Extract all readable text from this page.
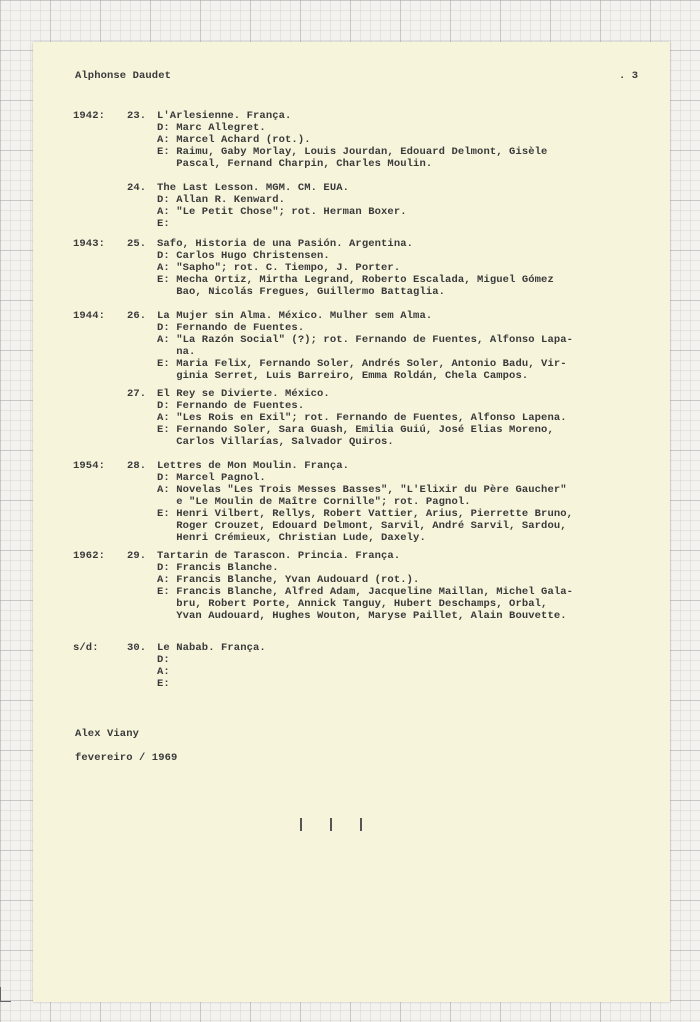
Alphonse Daudet	. 3
1942: 23. L'Arlesienne. França.
D: Marc Allegret.
A: Marcel Achard (rot.).
E: Raimu, Gaby Morlay, Louis Jourdan, Edouard Delmont, Gisèle
Pascal, Fernand Charpin, Charles Moulin.
24. The Last Lesson. MGM. CM. EUA.
D: Allan R. Kenward.
A: "Le Petit Chose"; rot. Herman Boxer.
E:
1943: 25. Safo, Historia de una Pasión. Argentina.
D: Carlos Hugo Christensen.
A: "Sapho"; rot. C. Tiempo, J. Porter.
E: Mecha Ortiz, Mirtha Legrand, Roberto Escalada, Miguel Gómez
Bao, Nicolás Fregues, Guillermo Battaglia.
1944: 26. La Mujer sin Alma. México. Mulher sem Alma.
D: Fernando de Fuentes.
A: "La Razón Social" (?); rot. Fernando de Fuentes, Alfonso Lapa-
na.
E: Maria Felix, Fernando Soler, Andrés Soler, Antonio Badu, Vir-
ginia Serret, Luis Barreiro, Emma Roldán, Chela Campos.
27. El Rey se Divierte. México.
D: Fernando de Fuentes.
A: "Les Rois en Exil"; rot. Fernando de Fuentes, Alfonso Lapena.
E: Fernando Soler, Sara Guash, Emilia Guiú, José Elias Moreno,
Carlos Villarías, Salvador Quiros.
1954: 28. Lettres de Mon Moulin. França.
D: Marcel Pagnol.
A: Novelas "Les Trois Messes Basses", "L'Elixir du Père Gaucher"
e "Le Moulin de Maître Cornille"; rot. Pagnol.
E: Henri Vilbert, Rellys, Robert Vattier, Arius, Pierrette Bruno,
Roger Crouzet, Edouard Delmont, Sarvil, André Sarvil, Sardou,
Henri Crémieux, Christian Lude, Daxely.
1962: 29. Tartarin de Tarascon. Princia. França.
D: Francis Blanche.
A: Francis Blanche, Yvan Audouard (rot.).
E: Francis Blanche, Alfred Adam, Jacqueline Maillan, Michel Gala-
bru, Robert Porte, Annick Tanguy, Hubert Deschamps, Orbal,
Yvan Audouard, Hughes Wouton, Maryse Paillet, Alain Bouvette.
s/d:	30. Le Nabab. França.
D:
A:
E:
Alex Viany
fevereiro / 1969
